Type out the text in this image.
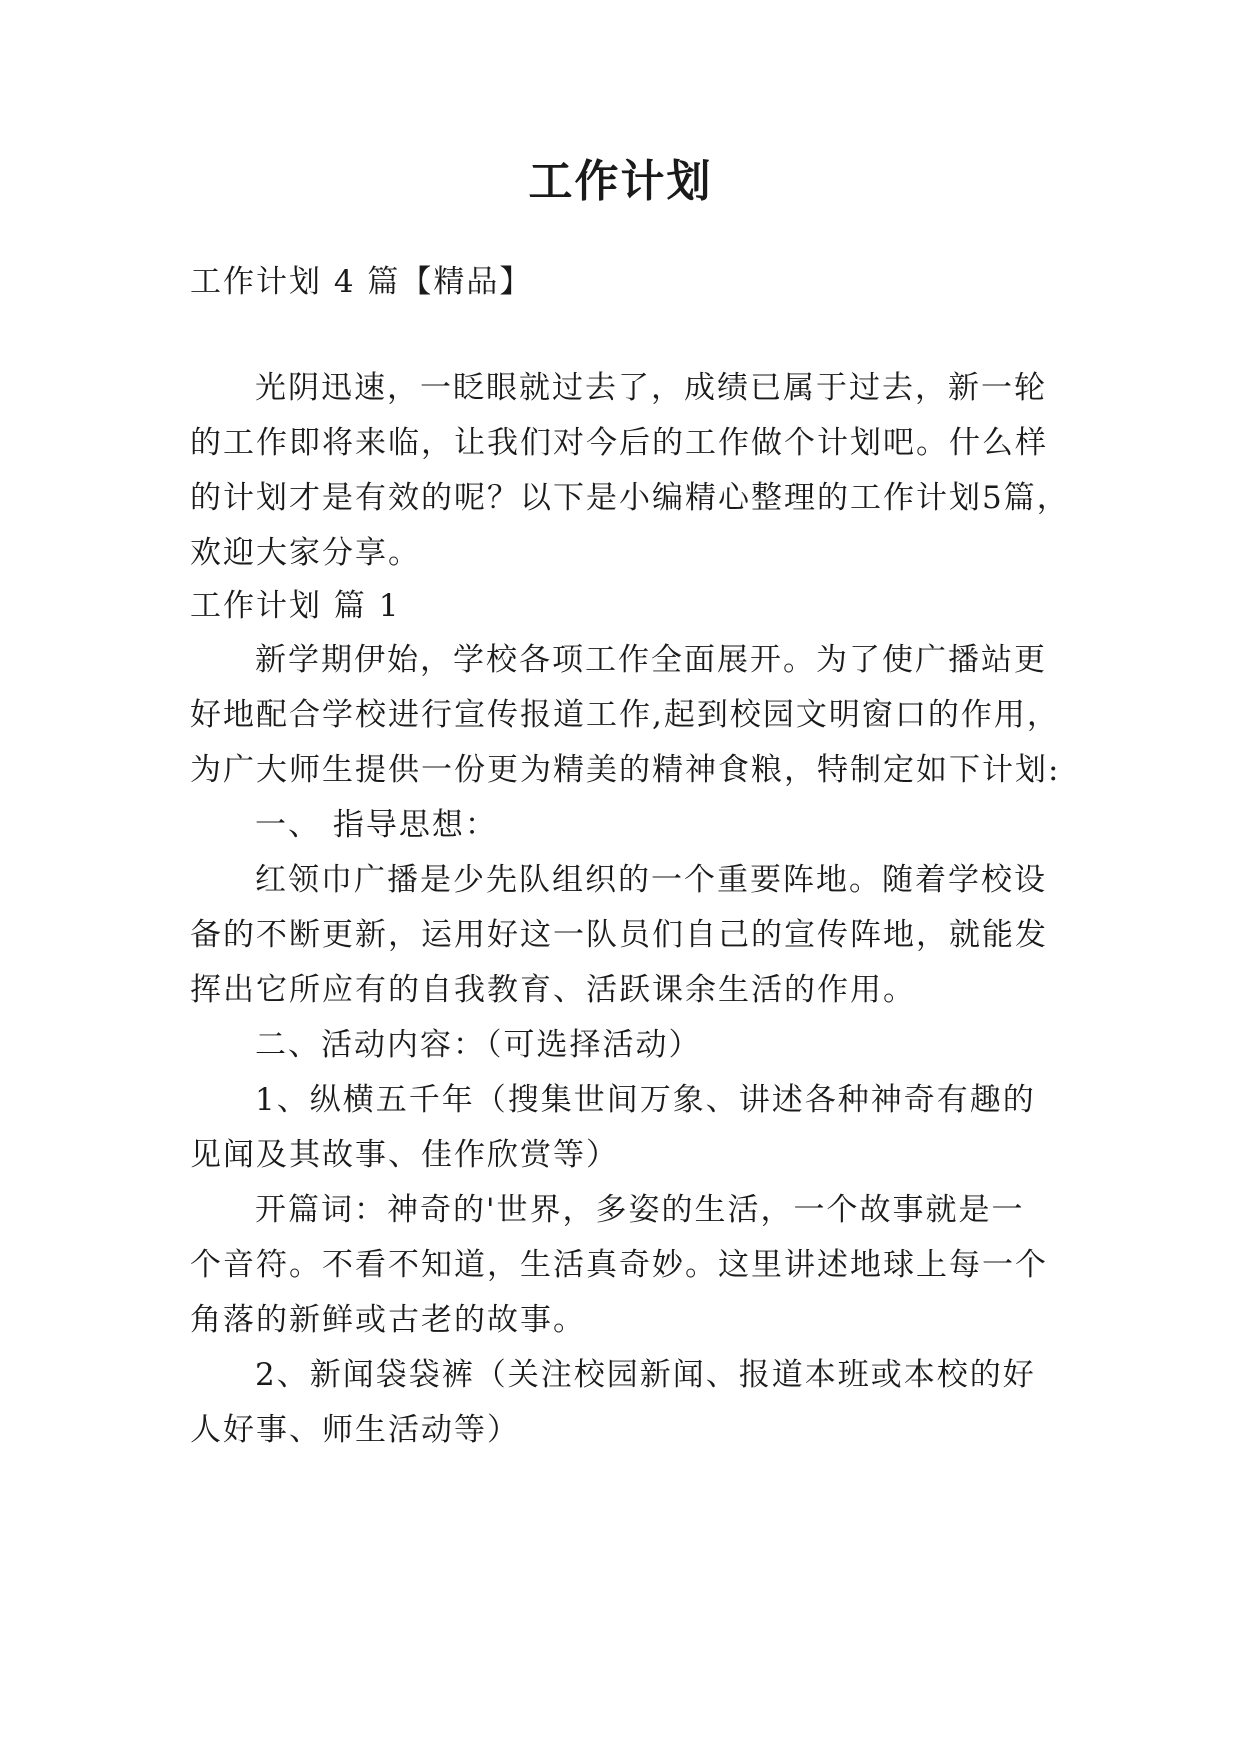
工作计划

工作计划 4 篇【精品】

光阴迅速，一眨眼就过去了，成绩已属于过去，新一轮

的工作即将来临，让我们对今后的工作做个计划吧。什么样

的计划才是有效的呢？以下是小编精心整理的工作计划5篇，

欢迎大家分享。

工作计划 篇 1

新学期伊始，学校各项工作全面展开。为了使广播站更

好地配合学校进行宣传报道工作,起到校园文明窗口的作用，

为广大师生提供一份更为精美的精神食粮，特制定如下计划:

一、 指导思想：

红领巾广播是少先队组织的一个重要阵地。随着学校设

备的不断更新，运用好这一队员们自己的宣传阵地，就能发

挥出它所应有的自我教育、活跃课余生活的作用。

二、活动内容：（可选择活动）

1、纵横五千年（搜集世间万象、讲述各种神奇有趣的

见闻及其故事、佳作欣赏等）

开篇词：神奇的'世界，多姿的生活，一个故事就是一

个音符。不看不知道，生活真奇妙。这里讲述地球上每一个

角落的新鲜或古老的故事。

2、新闻袋袋裤（关注校园新闻、报道本班或本校的好

人好事、师生活动等）
